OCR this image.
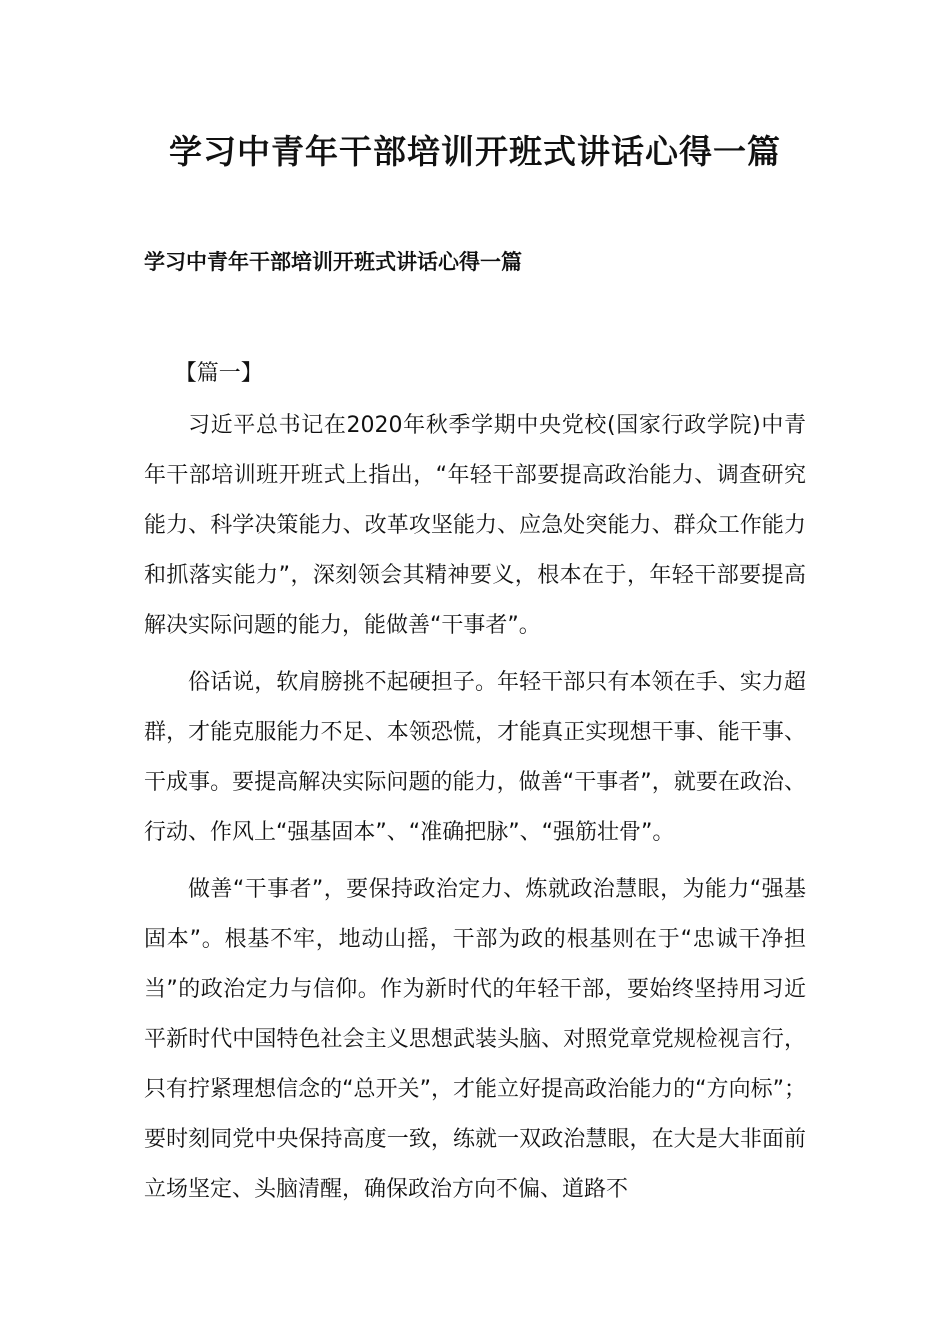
学习中青年干部培训开班式讲话心得一篇
学习中青年干部培训开班式讲话心得一篇

【篇一】

习近平总书记在2020年秋季学期中央党校(国家行政学院)中青年干部培训班开班式上指出，“年轻干部要提高政治能力、调查研究能力、科学决策能力、改革攻坚能力、应急处突能力、群众工作能力和抓落实能力”，深刻领会其精神要义，根本在于，年轻干部要提高解决实际问题的能力，能做善“干事者”。

俗话说，软肩膀挑不起硬担子。年轻干部只有本领在手、实力超群，才能克服能力不足、本领恐慌，才能真正实现想干事、能干事、干成事。要提高解决实际问题的能力，做善“干事者”，就要在政治、行动、作风上“强基固本”、“准确把脉”、“强筋壮骨”。

做善“干事者”，要保持政治定力、炼就政治慧眼，为能力“强基固本”。根基不牢，地动山摇，干部为政的根基则在于“忠诚干净担当”的政治定力与信仰。作为新时代的年轻干部，要始终坚持用习近平新时代中国特色社会主义思想武装头脑、对照党章党规检视言行，只有拧紧理想信念的“总开关”，才能立好提高政治能力的“方向标”；要时刻同党中央保持高度一致，练就一双政治慧眼，在大是大非面前立场坚定、头脑清醒，确保政治方向不偏、道路不
